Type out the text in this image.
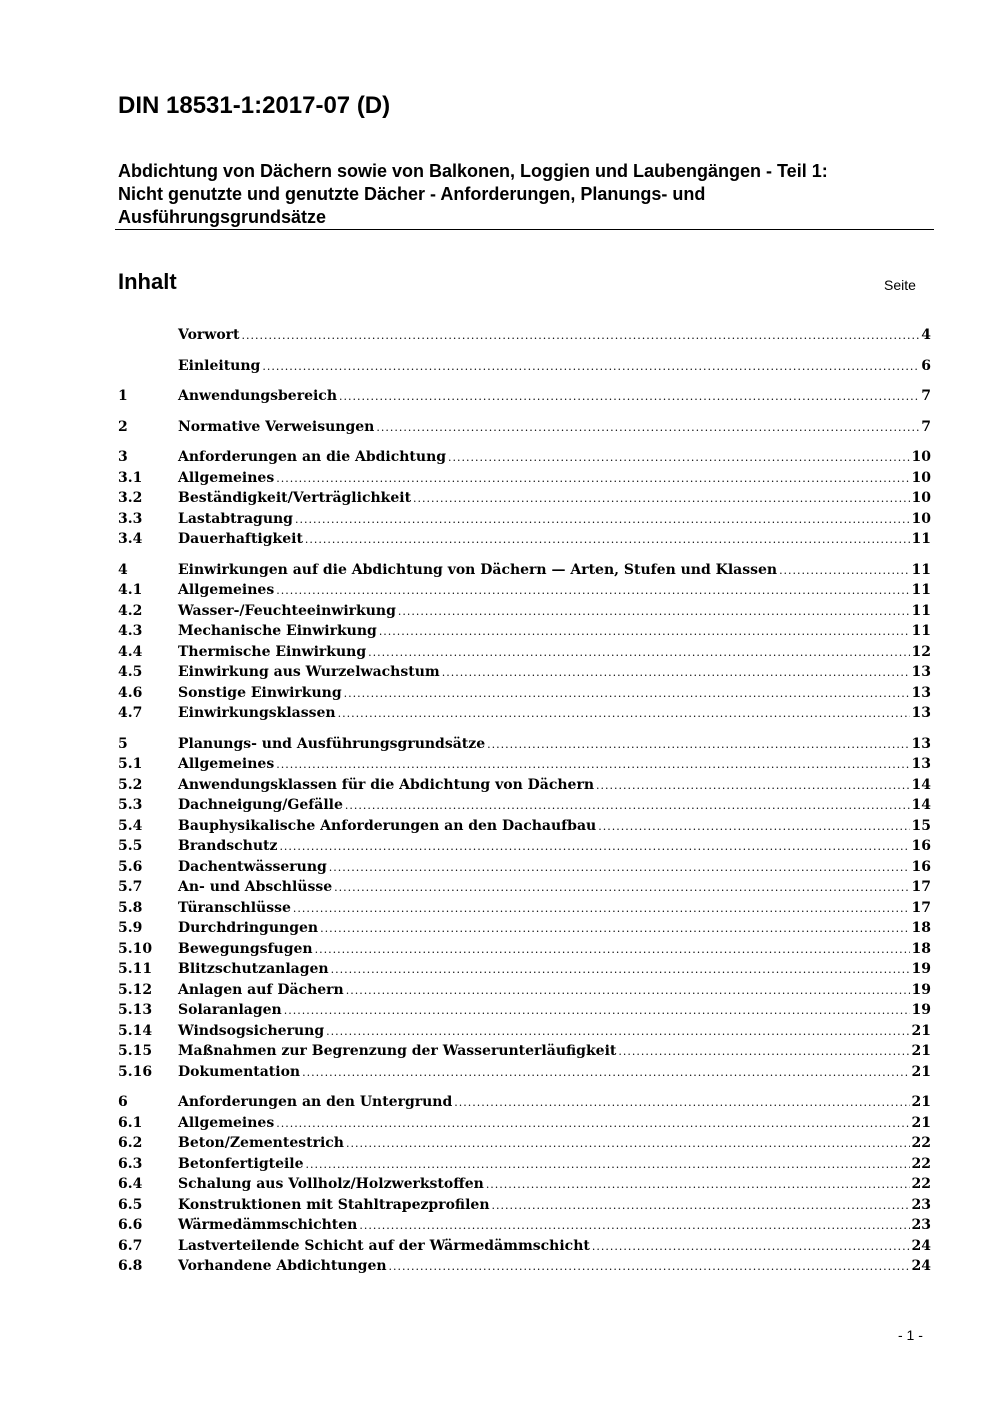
DIN 18531-1:2017-07 (D)
Abdichtung von Dächern sowie von Balkonen, Loggien und Laubengängen - Teil 1:
Nicht genutzte und genutzte Dächer - Anforderungen, Planungs- und
Ausführungsgrundsätze
Inhalt	Seite
Vorwort .....	4
Einleitung .....	6
1	Anwendungsbereich .....	7
2	Normative Verweisungen .....	7
3	Anforderungen an die Abdichtung .....	10
3.1	Allgemeines .....	10
3.2	Beständigkeit/Verträglichkeit .....	10
3.3	Lastabtragung .....	10
3.4	Dauerhaftigkeit .....	11
4	Einwirkungen auf die Abdichtung von Dächern — Arten, Stufen und Klassen .....	11
4.1	Allgemeines .....	11
4.2	Wasser-/Feuchteeinwirkung .....	11
4.3	Mechanische Einwirkung .....	11
4.4	Thermische Einwirkung .....	12
4.5	Einwirkung aus Wurzelwachstum .....	13
4.6	Sonstige Einwirkung .....	13
4.7	Einwirkungsklassen .....	13
5	Planungs- und Ausführungsgrundsätze .....	13
5.1	Allgemeines .....	13
5.2	Anwendungsklassen für die Abdichtung von Dächern .....	14
5.3	Dachneigung/Gefälle .....	14
5.4	Bauphysikalische Anforderungen an den Dachaufbau .....	15
5.5	Brandschutz .....	16
5.6	Dachentwässerung .....	16
5.7	An- und Abschlüsse .....	17
5.8	Türanschlüsse .....	17
5.9	Durchdringungen .....	18
5.10	Bewegungsfugen .....	18
5.11	Blitzschutzanlagen .....	19
5.12	Anlagen auf Dächern .....	19
5.13	Solaranlagen .....	19
5.14	Windsogsicherung .....	21
5.15	Maßnahmen zur Begrenzung der Wasserunterläufigkeit .....	21
5.16	Dokumentation .....	21
6	Anforderungen an den Untergrund .....	21
6.1	Allgemeines .....	21
6.2	Beton/Zementestrich .....	22
6.3	Betonfertigteile .....	22
6.4	Schalung aus Vollholz/Holzwerkstoffen .....	22
6.5	Konstruktionen mit Stahltrapezprofilen .....	23
6.6	Wärmedämmschichten .....	23
6.7	Lastverteilende Schicht auf der Wärmedämmschicht .....	24
6.8	Vorhandene Abdichtungen .....	24
- 1 -
